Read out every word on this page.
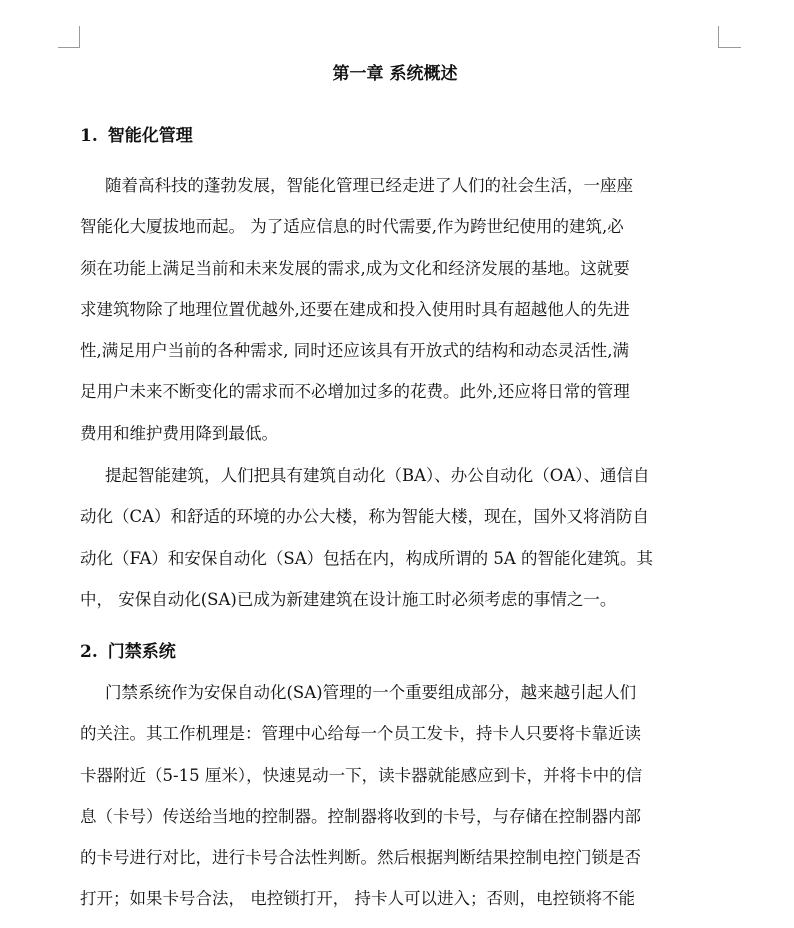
第一章 系统概述
1. 智能化管理
随着高科技的蓬勃发展，智能化管理已经走进了人们的社会生活，一座座
智能化大厦拔地而起。 为了适应信息的时代需要,作为跨世纪使用的建筑,必
须在功能上满足当前和未来发展的需求,成为文化和经济发展的基地。这就要
求建筑物除了地理位置优越外,还要在建成和投入使用时具有超越他人的先进
性,满足用户当前的各种需求, 同时还应该具有开放式的结构和动态灵活性,满
足用户未来不断变化的需求而不必增加过多的花费。此外,还应将日常的管理
费用和维护费用降到最低。
提起智能建筑，人们把具有建筑自动化（BA）、办公自动化（OA）、通信自
动化（CA）和舒适的环境的办公大楼，称为智能大楼，现在，国外又将消防自
动化（FA）和安保自动化（SA）包括在内，构成所谓的 5A 的智能化建筑。其
中， 安保自动化(SA)已成为新建建筑在设计施工时必须考虑的事情之一。
2. 门禁系统
门禁系统作为安保自动化(SA)管理的一个重要组成部分，越来越引起人们
的关注。其工作机理是：管理中心给每一个员工发卡，持卡人只要将卡靠近读
卡器附近（5-15 厘米），快速晃动一下，读卡器就能感应到卡，并将卡中的信
息（卡号）传送给当地的控制器。控制器将收到的卡号，与存储在控制器内部
的卡号进行对比，进行卡号合法性判断。然后根据判断结果控制电控门锁是否
打开；如果卡号合法， 电控锁打开， 持卡人可以进入；否则，电控锁将不能
